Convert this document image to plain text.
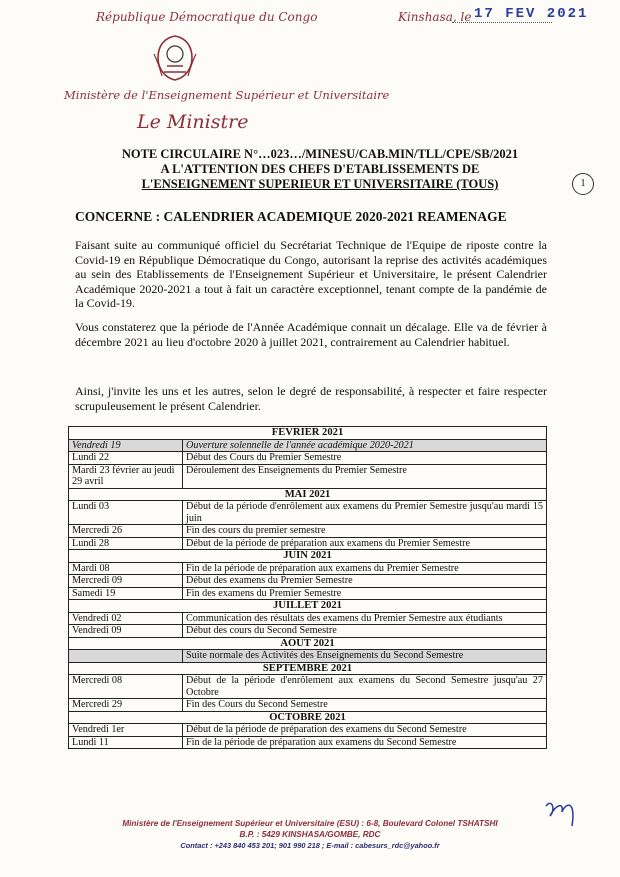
République Démocratique du Congo
Ministère de l'Enseignement Supérieur et Universitaire
Le Ministre
Kinshasa, le 17 FEV 2021
NOTE CIRCULAIRE N°…023…/MINESU/CAB.MIN/TLL/CPE/SB/2021
A L'ATTENTION DES CHEFS D'ETABLISSEMENTS DE
L'ENSEIGNEMENT SUPERIEUR ET UNIVERSITAIRE (TOUS)	1
CONCERNE : CALENDRIER ACADEMIQUE 2020-2021 REAMENAGE
Faisant suite au communiqué officiel du Secrétariat Technique de l'Equipe de riposte contre la Covid-19 en République Démocratique du Congo, autorisant la reprise des activités académiques au sein des Etablissements de l'Enseignement Supérieur et Universitaire, le présent Calendrier Académique 2020-2021 a tout à fait un caractère exceptionnel, tenant compte de la pandémie de la Covid-19.
Vous constaterez que la période de l'Année Académique connait un décalage. Elle va de février à décembre 2021 au lieu d'octobre 2020 à juillet 2021, contrairement au Calendrier habituel.
Ainsi, j'invite les uns et les autres, selon le degré de responsabilité, à respecter et faire respecter scrupuleusement le présent Calendrier.
FEVRIER 2021	
Vendredi 19	Ouverture solennelle de l'année académique 2020-2021
Lundi 22	Début des Cours du Premier Semestre
Mardi 23 février au jeudi 29 avril	Déroulement des Enseignements du Premier Semestre
MAI 2021	
Lundi 03	Début de la période d'enrôlement aux examens du Premier Semestre jusqu'au mardi 15 juin
Mercredi 26	Fin des cours du premier semestre
Lundi 28	Début de la période de préparation aux examens du Premier Semestre
JUIN 2021	
Mardi 08	Fin de la période de préparation aux examens du Premier Semestre
Mercredi 09	Début des examens du Premier Semestre
Samedi 19	Fin des examens du Premier Semestre
JUILLET 2021	
Vendredi 02	Communication des résultats des examens du Premier Semestre aux étudiants
Vendredi 09	Début des cours du Second Semestre
AOUT 2021	
	Suite normale des Activités des Enseignements du Second Semestre
SEPTEMBRE 2021	
Mercredi 08	Début de la période d'enrôlement aux examens du Second Semestre jusqu'au 27 Octobre
Mercredi 29	Fin des Cours du Second Semestre
OCTOBRE 2021	
Vendredi 1er	Début de la période de préparation des examens du Second Semestre
Lundi 11	Fin de la période de préparation aux examens du Second Semestre
Ministère de l'Enseignement Supérieur et Universitaire (ESU) : 6-8, Boulevard Colonel TSHATSHI
B.P. : 5429 KINSHASA/GOMBE, RDC
Contact : +243 840 453 201; 901 990 218 ; E-mail : cabesurs_rdc@yahoo.fr
